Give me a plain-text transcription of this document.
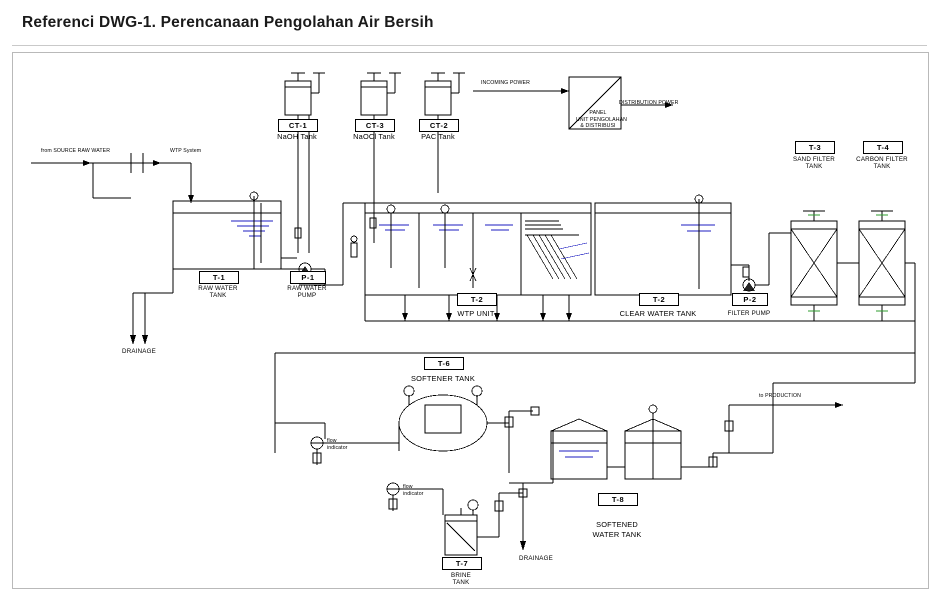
Referenci DWG-1. Perencanaan Pengolahan Air Bersih
from SOURCE RAW WATER	WTP System
INCOMING POWER
DISTRIBUTION POWER
PANEL
UNIT PENGOLAHAN
& DISTRIBUSI
CT-1
NaOH Tank
CT-3
NaOCl Tank
CT-2
PAC Tank
T-1
RAW WATER
TANK
P-1
RAW WATER
PUMP
DRAINAGE
T-2
WTP UNIT
T-2
CLEAR WATER TANK
P-2
FILTER PUMP
T-3
SAND FILTER
TANK
T-4
CARBON FILTER
TANK
T-6
SOFTENER TANK
flow
indicator
flow
indicator
T-7
BRINE
TANK
DRAINAGE
T-8
SOFTENED
WATER TANK
to PRODUCTION
